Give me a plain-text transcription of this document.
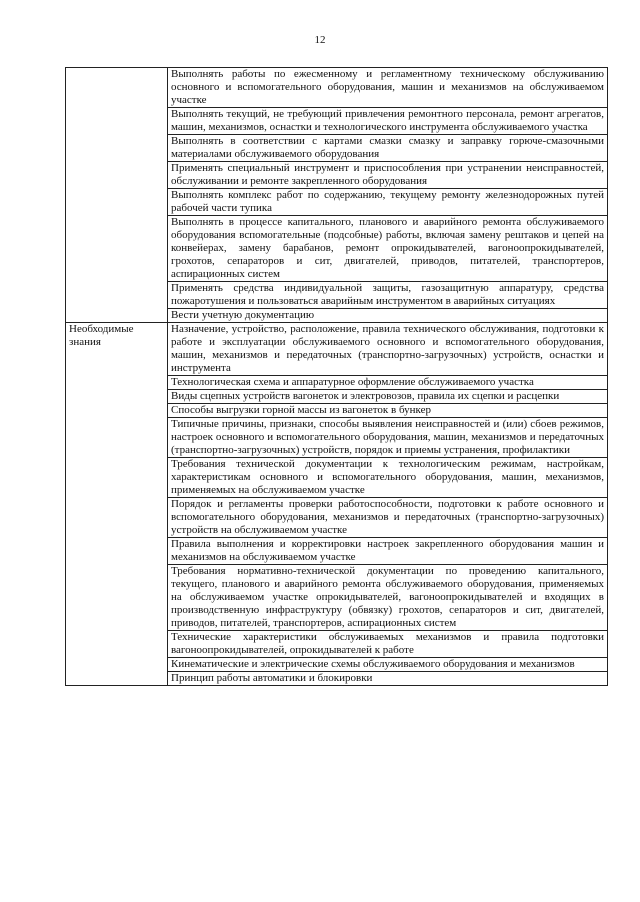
12
	Выполнять работы по ежесменному и регламентному техническому обслуживанию основного и вспомогательного оборудования, машин и механизмов на обслуживаемом участке
	Выполнять текущий, не требующий привлечения ремонтного персонала, ремонт агрегатов, машин, механизмов, оснастки и технологического инструмента обслуживаемого участка
	Выполнять в соответствии с картами смазки смазку и заправку горюче-смазочными материалами обслуживаемого оборудования
	Применять специальный инструмент и приспособления при устранении неисправностей, обслуживании и ремонте закрепленного оборудования
	Выполнять комплекс работ по содержанию, текущему ремонту железнодорожных путей рабочей части тупика
	Выполнять в процессе капитального, планового и аварийного ремонта обслуживаемого оборудования вспомогательные (подсобные) работы, включая замену рештаков и цепей на конвейерах, замену барабанов, ремонт опрокидывателей, вагоноопрокидывателей, грохотов, сепараторов и сит, двигателей, приводов, питателей, транспортеров, аспирационных систем
	Применять средства индивидуальной защиты, газозащитную аппаратуру, средства пожаротушения и пользоваться аварийным инструментом в аварийных ситуациях
	Вести учетную документацию
Необходимые знания	Назначение, устройство, расположение, правила технического обслуживания, подготовки к работе и эксплуатации обслуживаемого основного и вспомогательного оборудования, машин, механизмов и передаточных (транспортно-загрузочных) устройств, оснастки и инструмента
	Технологическая схема и аппаратурное оформление обслуживаемого участка
	Виды сцепных устройств вагонеток и электровозов, правила их сцепки и расцепки
	Способы выгрузки горной массы из вагонеток в бункер
	Типичные причины, признаки, способы выявления неисправностей и (или) сбоев режимов, настроек основного и вспомогательного оборудования, машин, механизмов и передаточных (транспортно-загрузочных) устройств, порядок и приемы устранения, профилактики
	Требования технической документации к технологическим режимам, настройкам, характеристикам основного и вспомогательного оборудования, машин, механизмов, применяемых на обслуживаемом участке
	Порядок и регламенты проверки работоспособности, подготовки к работе основного и вспомогательного оборудования, механизмов и передаточных (транспортно-загрузочных) устройств на обслуживаемом участке
	Правила выполнения и корректировки настроек закрепленного оборудования машин и механизмов на обслуживаемом участке
	Требования нормативно-технической документации по проведению капитального, текущего, планового и аварийного ремонта обслуживаемого оборудования, применяемых на обслуживаемом участке опрокидывателей, вагоноопрокидывателей и входящих в производственную инфраструктуру (обвязку) грохотов, сепараторов и сит, двигателей, приводов, питателей, транспортеров, аспирационных систем
	Технические характеристики обслуживаемых механизмов и правила подготовки вагоноопрокидывателей, опрокидывателей к работе
	Кинематические и электрические схемы обслуживаемого оборудования и механизмов
	Принцип работы автоматики и блокировки
